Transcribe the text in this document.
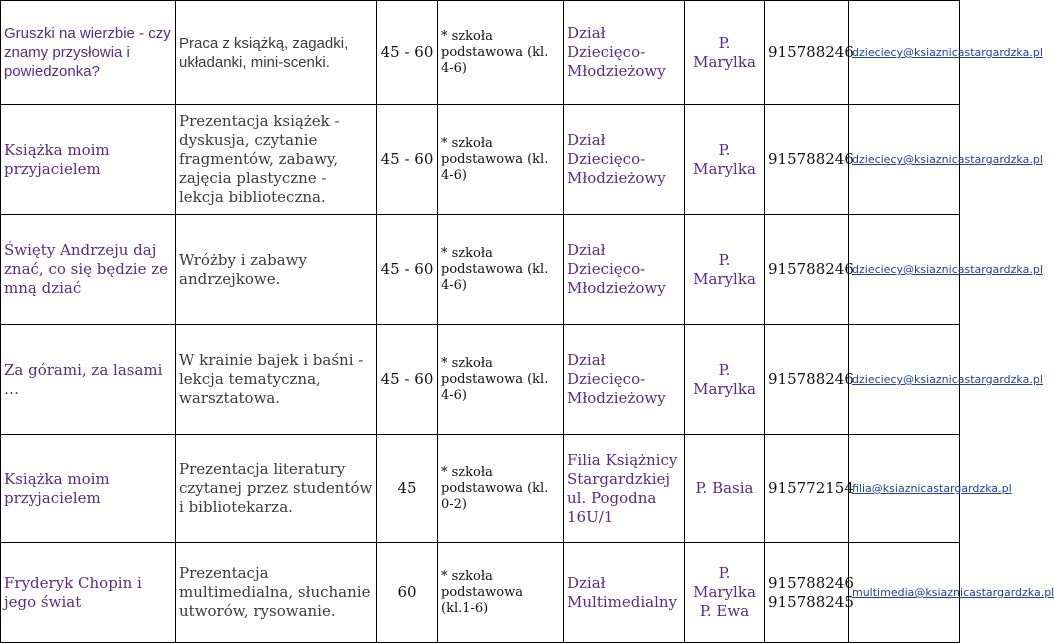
Gruszki na wierzbie - czy znamy przysłowia i powiedzonka?	Praca z książką, zagadki, układanki, mini-scenki.	45 - 60	* szkoła podstawowa (kl. 4-6)	Dział Dziecięco-Młodzieżowy	P. Marylka	915788246	dzieciecy@ksiaznicastargardzka.pl
Książka moim przyjacielem	Prezentacja książek - dyskusja, czytanie fragmentów, zabawy, zajęcia plastyczne - lekcja biblioteczna.	45 - 60	* szkoła podstawowa (kl. 4-6)	Dział Dziecięco-Młodzieżowy	P. Marylka	915788246	dzieciecy@ksiaznicastargardzka.pl
Święty Andrzeju daj znać, co się będzie ze mną dziać	Wróżby i zabawy andrzejkowe.	45 - 60	* szkoła podstawowa (kl. 4-6)	Dział Dziecięco-Młodzieżowy	P. Marylka	915788246	dzieciecy@ksiaznicastargardzka.pl
Za górami, za lasami …	W krainie bajek i baśni - lekcja tematyczna, warsztatowa.	45 - 60	* szkoła podstawowa (kl. 4-6)	Dział Dziecięco-Młodzieżowy	P. Marylka	915788246	dzieciecy@ksiaznicastargardzka.pl
Książka moim przyjacielem	Prezentacja literatury czytanej przez studentów i bibliotekarza.	45	* szkoła podstawowa (kl. 0-2)	Filia Książnicy Stargardzkiej ul. Pogodna 16U/1	P. Basia	915772154	filia@ksiaznicastargardzka.pl
Fryderyk Chopin i jego świat	Prezentacja multimedialna, słuchanie utworów, rysowanie.	60	* szkoła podstawowa (kl.1-6)	Dział Multimedialny	P. Marylka P. Ewa	915788246 915788245	multimedia@ksiaznicastargardzka.pl
